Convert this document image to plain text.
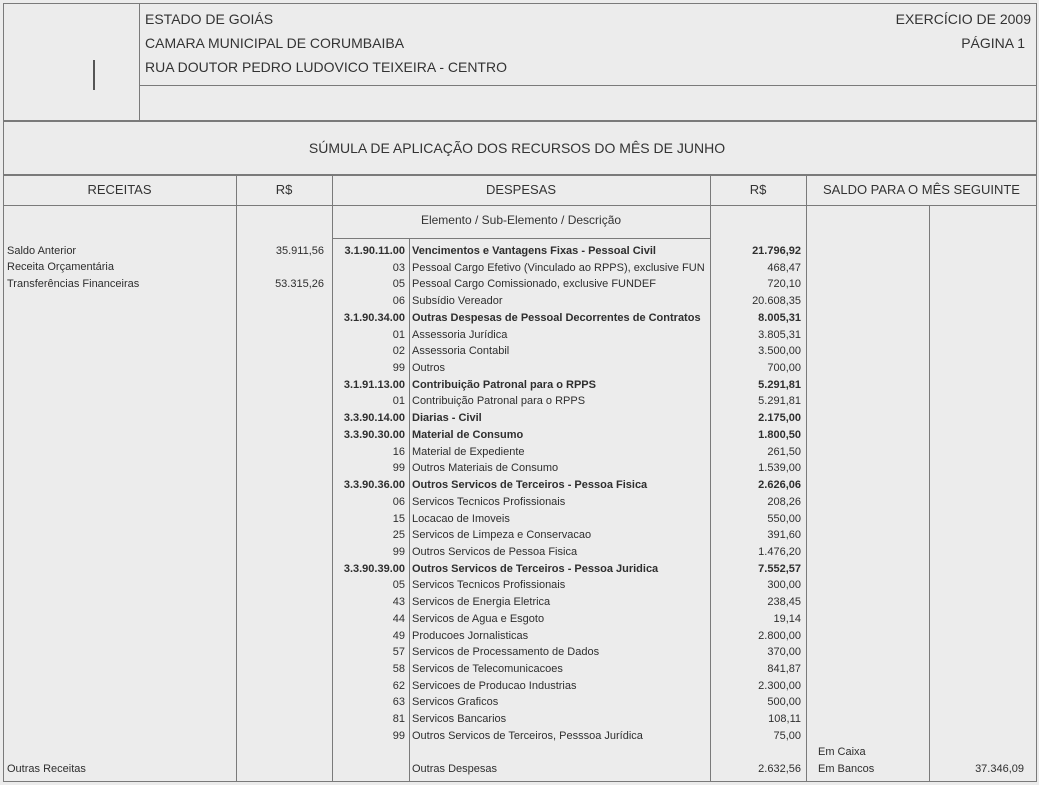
ESTADO DE GOIÁS
CAMARA MUNICIPAL DE CORUMBAIBA
RUA DOUTOR PEDRO LUDOVICO TEIXEIRA - CENTRO
EXERCÍCIO DE 2009
PÁGINA 1
SÚMULA DE APLICAÇÃO DOS RECURSOS DO MÊS DE JUNHO
RECEITAS	R$	DESPESAS	R$	SALDO PARA O MÊS SEGUINTE
Elemento / Sub-Elemento / Descrição
Saldo Anterior	35.911,56
Receita Orçamentária
Transferências Financeiras	53.315,26
3.1.90.11.00 Vencimentos e Vantagens Fixas - Pessoal Civil	21.796,92
03 Pessoal Cargo Efetivo (Vinculado ao RPPS), exclusive FUN	468,47
05 Pessoal Cargo Comissionado, exclusive FUNDEF	720,10
06 Subsídio Vereador	20.608,35
3.1.90.34.00 Outras Despesas de Pessoal Decorrentes de Contratos	8.005,31
01 Assessoria Jurídica	3.805,31
02 Assessoria Contabil	3.500,00
99 Outros	700,00
3.1.91.13.00 Contribuição Patronal para o RPPS	5.291,81
01 Contribuição Patronal para o RPPS	5.291,81
3.3.90.14.00 Diarias - Civil	2.175,00
3.3.90.30.00 Material de Consumo	1.800,50
16 Material de Expediente	261,50
99 Outros Materiais de Consumo	1.539,00
3.3.90.36.00 Outros Servicos de Terceiros - Pessoa Fisica	2.626,06
06 Servicos Tecnicos Profissionais	208,26
15 Locacao de Imoveis	550,00
25 Servicos de Limpeza e Conservacao	391,60
99 Outros Servicos de Pessoa Fisica	1.476,20
3.3.90.39.00 Outros Servicos de Terceiros - Pessoa Juridica	7.552,57
05 Servicos Tecnicos Profissionais	300,00
43 Servicos de Energia Eletrica	238,45
44 Servicos de Agua e Esgoto	19,14
49 Producoes Jornalisticas	2.800,00
57 Servicos de Processamento de Dados	370,00
58 Servicos de Telecomunicacoes	841,87
62 Servicoes de Producao Industrias	2.300,00
63 Servicos Graficos	500,00
81 Servicos Bancarios	108,11
99 Outros Servicos de Terceiros, Pesssoa Jurídica	75,00
Outras Receitas	Outras Despesas	2.632,56
Em Caixa
Em Bancos	37.346,09
